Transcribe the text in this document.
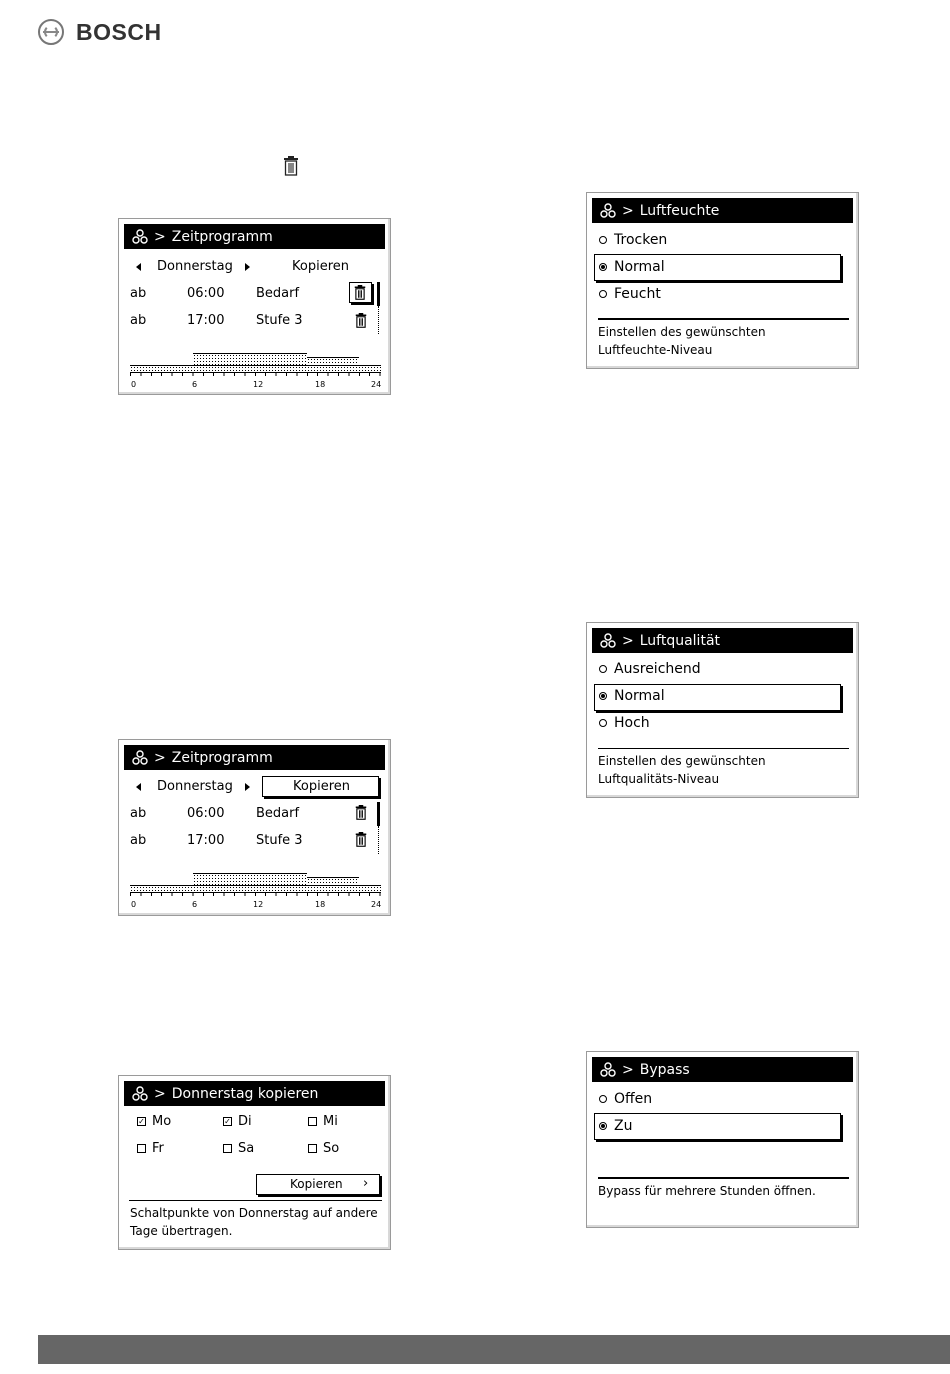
BOSCH
> Zeitprogramm
Donnerstag	Kopieren
ab	06:00 Bedarf
ab	17:00 Stufe 3
0	6	12	18	24
> Zeitprogramm
Donnerstag	Kopieren
ab	06:00 Bedarf
ab	17:00 Stufe 3
0	6	12	18	24
> Donnerstag kopieren
✓ Mo	✓ Di	Mi
Fr	Sa	So
Kopieren ›
Schaltpunkte von Donnerstag auf andere
Tage übertragen.
> Luftfeuchte
Trocken
Normal
Feucht
Einstellen des gewünschten
Luftfeuchte-Niveau
> Luftqualität
Ausreichend
Normal
Hoch
Einstellen des gewünschten
Luftqualitäts-Niveau
> Bypass
Offen
Zu
Bypass für mehrere Stunden öffnen.
